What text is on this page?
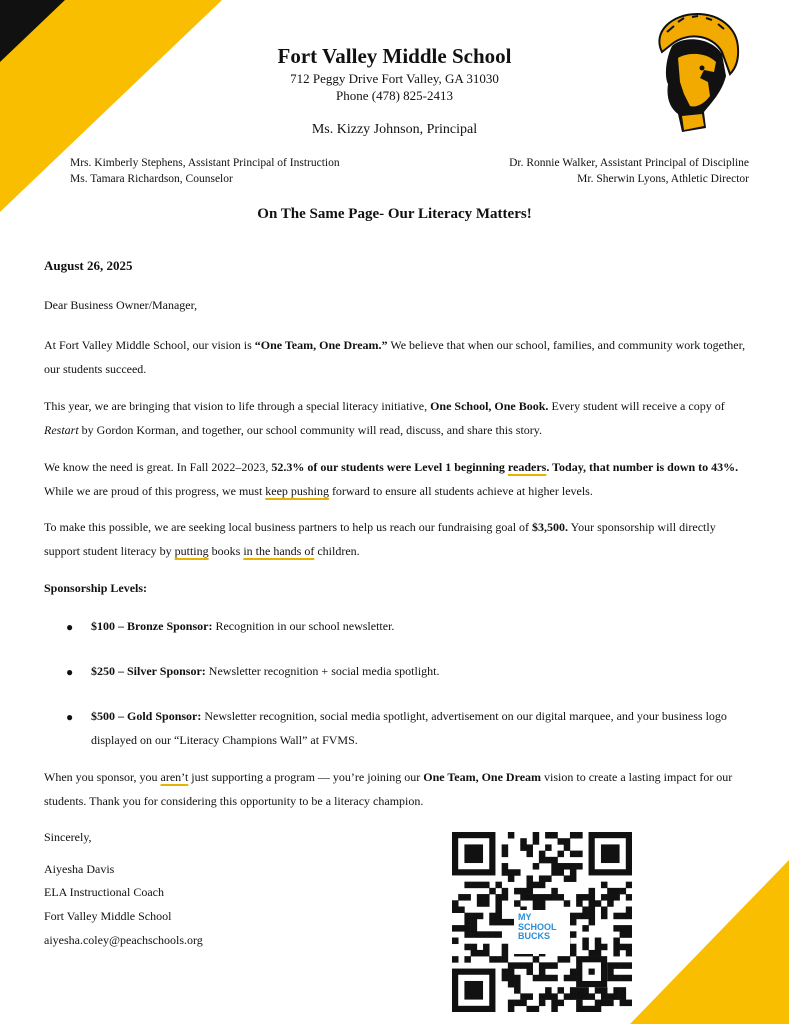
Fort Valley Middle School
712 Peggy Drive Fort Valley, GA 31030
Phone (478) 825-2413
Ms. Kizzy Johnson, Principal
Mrs. Kimberly Stephens, Assistant Principal of Instruction
Ms. Tamara Richardson, Counselor
Dr. Ronnie Walker, Assistant Principal of Discipline
Mr. Sherwin Lyons, Athletic Director
On The Same Page- Our Literacy Matters!
August 26, 2025
Dear Business Owner/Manager,
At Fort Valley Middle School, our vision is “One Team, One Dream.” We believe that when our school, families, and community work together, our students succeed.
This year, we are bringing that vision to life through a special literacy initiative, One School, One Book. Every student will receive a copy of Restart by Gordon Korman, and together, our school community will read, discuss, and share this story.
We know the need is great. In Fall 2022–2023, 52.3% of our students were Level 1 beginning readers. Today, that number is down to 43%. While we are proud of this progress, we must keep pushing forward to ensure all students achieve at higher levels.
To make this possible, we are seeking local business partners to help us reach our fundraising goal of $3,500. Your sponsorship will directly support student literacy by putting books in the hands of children.
Sponsorship Levels:
● $100 – Bronze Sponsor: Recognition in our school newsletter.
● $250 – Silver Sponsor: Newsletter recognition + social media spotlight.
● $500 – Gold Sponsor: Newsletter recognition, social media spotlight, advertisement on our digital marquee, and your business logo displayed on our “Literacy Champions Wall” at FVMS.
When you sponsor, you aren’t just supporting a program — you’re joining our One Team, One Dream vision to create a lasting impact for our students. Thank you for considering this opportunity to be a literacy champion.
Sincerely,
Aiyesha Davis
ELA Instructional Coach
Fort Valley Middle School
aiyesha.coley@peachschools.org
MY
SCHOOL
BUCKS
